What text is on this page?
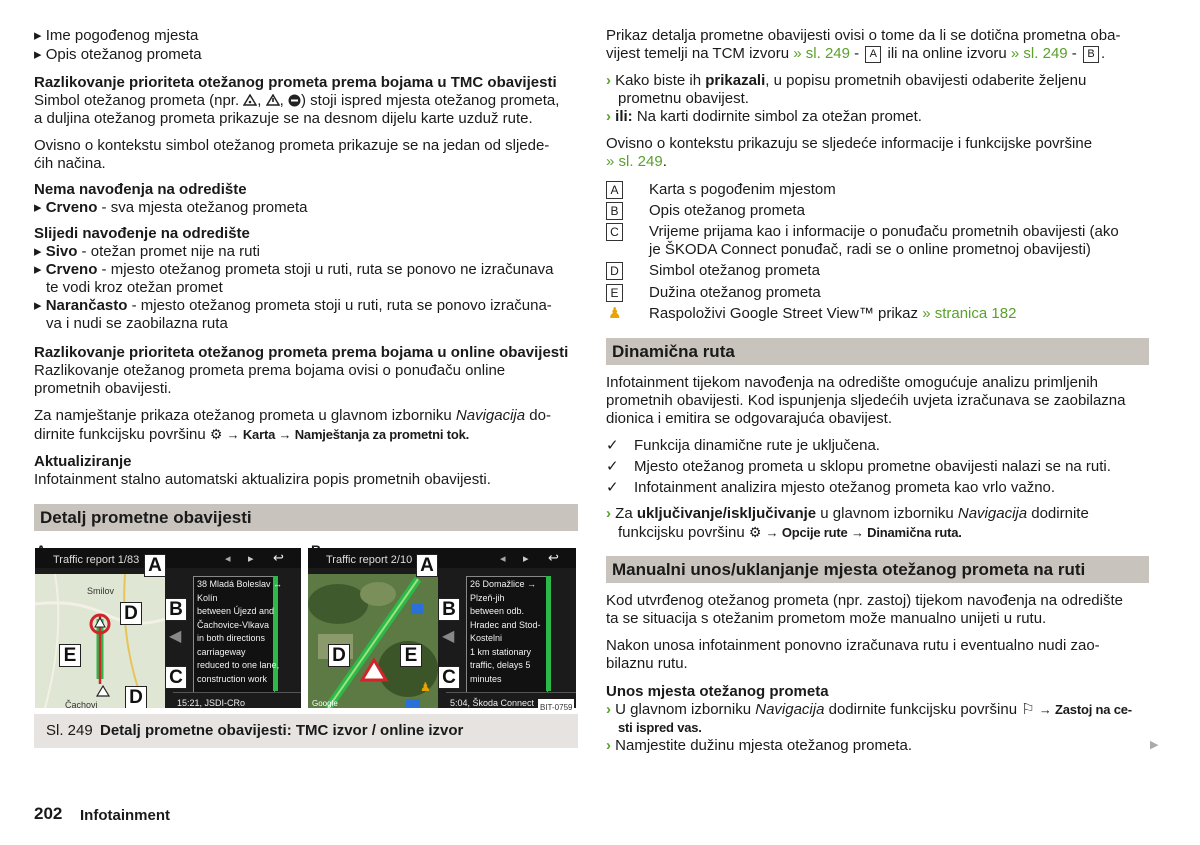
▸ Ime pogođenog mjesta
▸ Opis otežanog prometa
Razlikovanje prioriteta otežanog prometa prema bojama u TMC obavijesti
Simbol otežanog prometa (npr. , , ) stoji ispred mjesta otežanog prometa,
a duljina otežanog prometa prikazuje se na desnom dijelu karte uzduž rute.
Ovisno o kontekstu simbol otežanog prometa prikazuje se na jedan od sljede-
ćih načina.
Nema navođenja na odredište
▸ Crveno - sva mjesta otežanog prometa
Slijedi navođenje na odredište
▸ Sivo - otežan promet nije na ruti
▸ Crveno - mjesto otežanog prometa stoji u ruti, ruta se ponovo ne izračunava
te vodi kroz otežan promet
▸ Narančasto - mjesto otežanog prometa stoji u ruti, ruta se ponovo izračuna-
va i nudi se zaobilazna ruta
Razlikovanje prioriteta otežanog prometa prema bojama u online obavijesti
Razlikovanje otežanog prometa prema bojama ovisi o ponuđaču online
prometnih obavijesti.
Za namještanje prikaza otežanog prometa u glavnom izborniku Navigacija do-
dirnite funkcijsku površinu ⚙ → Karta → Namještanja za prometni tok.
Aktualiziranje
Infotainment stalno automatski aktualizira popis prometnih obavijesti.
Detalj prometne obavijesti
Traffic report 1/83	◂ ▸ ↩
Smilov
Čachovi
◀
38 Mladá Boleslav ↔
Kolín
between Újezd and
Čachovice-Vlkava
in both directions
carriageway
reduced to one lane,
construction work
15:21, JSDI-CRo
A
D B
E
C
D
Traffic report 2/10	◂ ▸ ↩
Google
♟
◀
26 Domažlice →
Plzeň-jih
between odb.
Hradec and Stod-
Kostelni
1 km stationary
traffic, delays 5
minutes
5:04, Škoda Connect
A
B
D	E
C
BIT-0759
Sl. 249 Detalj prometne obavijesti: TMC izvor / online izvor
Prikaz detalja prometne obavijesti ovisi o tome da li se dotična prometna oba-
vijest temelji na TCM izvoru » sl. 249 - A ili na online izvoru » sl. 249 - B .
› Kako biste ih prikazali, u popisu prometnih obavijesti odaberite željenu
prometnu obavijest.
› ili: Na karti dodirnite simbol za otežan promet.
Ovisno o kontekstu prikazuju se sljedeće informacije i funkcijske površine
» sl. 249.
A	Karta s pogođenim mjestom
B	Opis otežanog prometa
C Vrijeme prijama kao i informacije o ponuđaču prometnih obavijesti (ako
je ŠKODA Connect ponuđač, radi se o online prometnoj obavijesti)
D Simbol otežanog prometa
E	Dužina otežanog prometa
♟ Raspoloživi Google Street View™ prikaz » stranica 182
Dinamična ruta
Infotainment tijekom navođenja na odredište omogućuje analizu primljenih
prometnih obavijesti. Kod ispunjenja sljedećih uvjeta izračunava se zaobilazna
dionica i emitira se odgovarajuća obavijest.
✓ Funkcija dinamične rute je uključena.
✓ Mjesto otežanog prometa u sklopu prometne obavijesti nalazi se na ruti.
✓ Infotainment analizira mjesto otežanog prometa kao vrlo važno.
› Za uključivanje/isključivanje u glavnom izborniku Navigacija dodirnite
funkcijsku površinu ⚙ → Opcije rute → Dinamična ruta.
Manualni unos/uklanjanje mjesta otežanog prometa na ruti
Kod utvrđenog otežanog prometa (npr. zastoj) tijekom navođenja na odredište
ta se situacija s otežanim prometom može manualno unijeti u rutu.
Nakon unosa infotainment ponovno izračunava rutu i eventualno nudi zao-
bilaznu rutu.
Unos mjesta otežanog prometa
› U glavnom izborniku Navigacija dodirnite funkcijsku površinu ⚐ → Zastoj na ce-
sti ispred vas.
› Namjestite dužinu mjesta otežanog prometa.	▶
202 Infotainment
